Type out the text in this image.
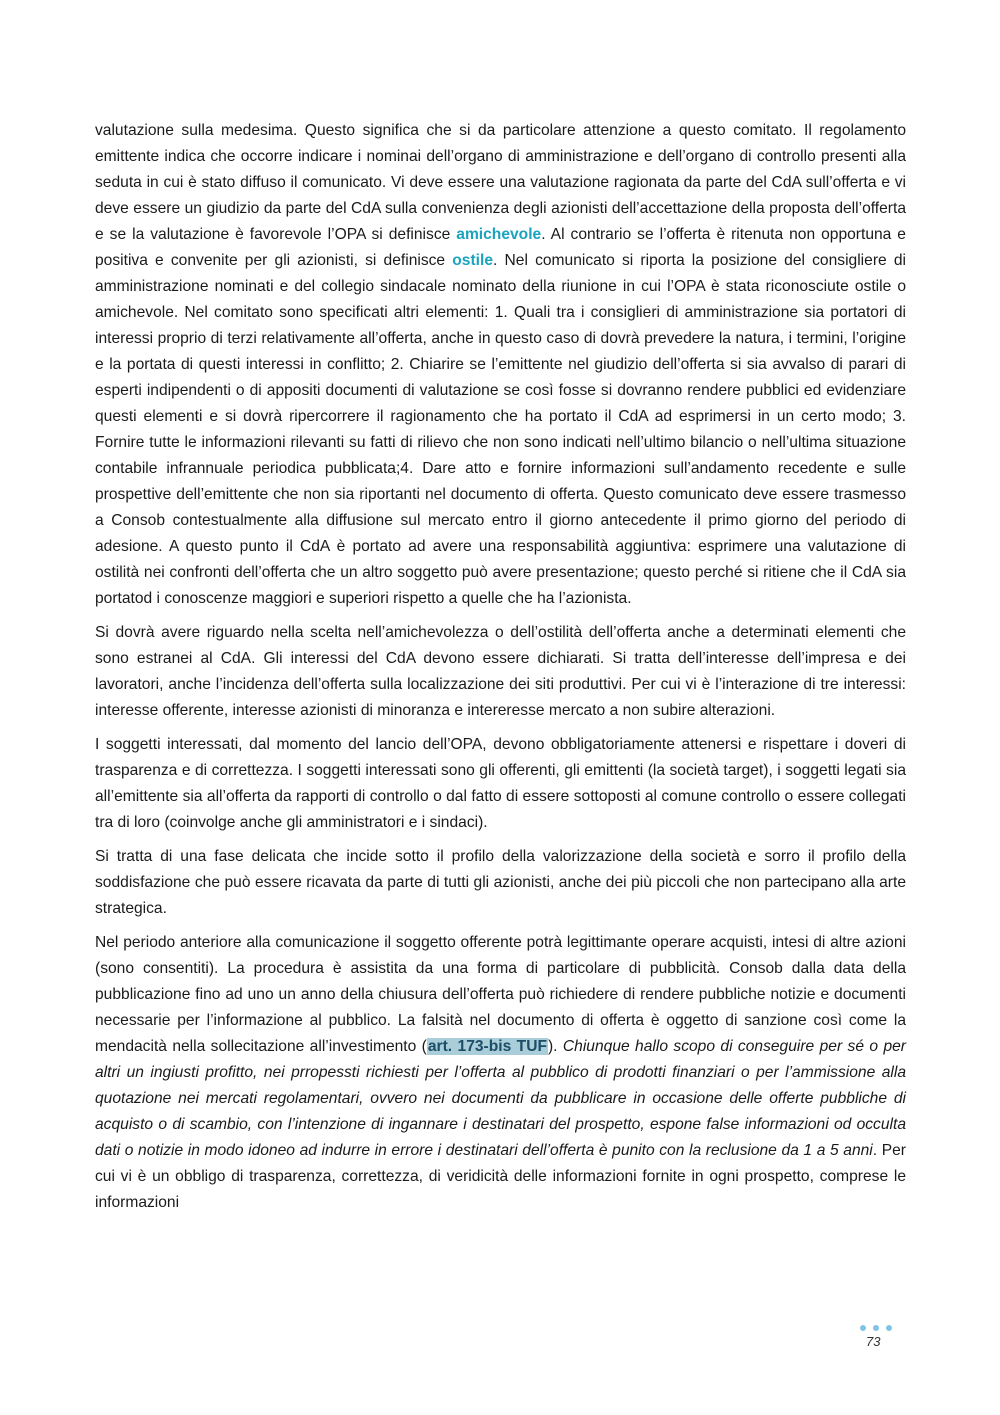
valutazione sulla medesima. Questo significa che si da particolare attenzione a questo comitato. Il regolamento emittente indica che occorre indicare i nominai dell’organo di amministrazione e dell’organo di controllo presenti alla seduta in cui è stato diffuso il comunicato. Vi deve essere una valutazione ragionata da parte del CdA sull’offerta e vi deve essere un giudizio da parte del CdA sulla convenienza degli azionisti dell’accettazione della proposta dell’offerta e se la valutazione è favorevole l’OPA si definisce amichevole. Al contrario se l’offerta è ritenuta non opportuna e positiva e convenite per gli azionisti, si definisce ostile. Nel comunicato si riporta la posizione del consigliere di amministrazione nominati e del collegio sindacale nominato della riunione in cui l’OPA è stata riconosciute ostile o amichevole. Nel comitato sono specificati altri elementi: 1. Quali tra i consiglieri di amministrazione sia portatori di interessi proprio di terzi relativamente all’offerta, anche in questo caso di dovrà prevedere la natura, i termini, l’origine e la portata di questi interessi in conflitto; 2. Chiarire se l’emittente nel giudizio dell’offerta si sia avvalso di parari di esperti indipendenti o di appositi documenti di valutazione se così fosse si dovranno rendere pubblici ed evidenziare questi elementi e si dovrà ripercorrere il ragionamento che ha portato il CdA ad esprimersi in un certo modo; 3. Fornire tutte le informazioni rilevanti su fatti di rilievo che non sono indicati nell’ultimo bilancio o nell’ultima situazione contabile infrannuale periodica pubblicata;4. Dare atto e fornire informazioni sull’andamento recedente e sulle prospettive dell’emittente che non sia riportanti nel documento di offerta. Questo comunicato deve essere trasmesso a Consob contestualmente alla diffusione sul mercato entro il giorno antecedente il primo giorno del periodo di adesione. A questo punto il CdA è portato ad avere una responsabilità aggiuntiva: esprimere una valutazione di ostilità nei confronti dell’offerta che un altro soggetto può avere presentazione; questo perché si ritiene che il CdA sia portatod i conoscenze maggiori e superiori rispetto a quelle che ha l’azionista.

Si dovrà avere riguardo nella scelta nell’amichevolezza o dell’ostilità dell’offerta anche a determinati elementi che sono estranei al CdA. Gli interessi del CdA devono essere dichiarati. Si tratta dell’interesse dell’impresa e dei lavoratori, anche l’incidenza dell’offerta sulla localizzazione dei siti produttivi. Per cui vi è l’interazione di tre interessi: interesse offerente, interesse azionisti di minoranza e intereresse mercato a non subire alterazioni.

I soggetti interessati, dal momento del lancio dell’OPA, devono obbligatoriamente attenersi e rispettare i doveri di trasparenza e di correttezza. I soggetti interessati sono gli offerenti, gli emittenti (la società target), i soggetti legati sia all’emittente sia all’offerta da rapporti di controllo o dal fatto di essere sottoposti al comune controllo o essere collegati tra di loro (coinvolge anche gli amministratori e i sindaci).

Si tratta di una fase delicata che incide sotto il profilo della valorizzazione della società e sorro il profilo della soddisfazione che può essere ricavata da parte di tutti gli azionisti, anche dei più piccoli che non partecipano alla arte strategica.

Nel periodo anteriore alla comunicazione il soggetto offerente potrà legittimante operare acquisti, intesi di altre azioni (sono consentiti). La procedura è assistita da una forma di particolare di pubblicità. Consob dalla data della pubblicazione fino ad uno un anno della chiusura dell’offerta può richiedere di rendere pubbliche notizie e documenti necessarie per l’informazione al pubblico. La falsità nel documento di offerta è oggetto di sanzione così come la mendacità nella sollecitazione all’investimento (art. 173-bis TUF). Chiunque hallo scopo di conseguire per sé o per altri un ingiusti profitto, nei prropessti richiesti per l’offerta al pubblico di prodotti finanziari o per l’ammissione alla quotazione nei mercati regolamentari, ovvero nei documenti da pubblicare in occasione delle offerte pubbliche di acquisto o di scambio, con l’intenzione di ingannare i destinatari del prospetto, espone false informazioni od occulta dati o notizie in modo idoneo ad indurre in errore i destinatari dell’offerta è punito con la reclusione da 1 a 5 anni. Per cui vi è un obbligo di trasparenza, correttezza, di veridicità delle informazioni fornite in ogni prospetto, comprese le informazioni

73
